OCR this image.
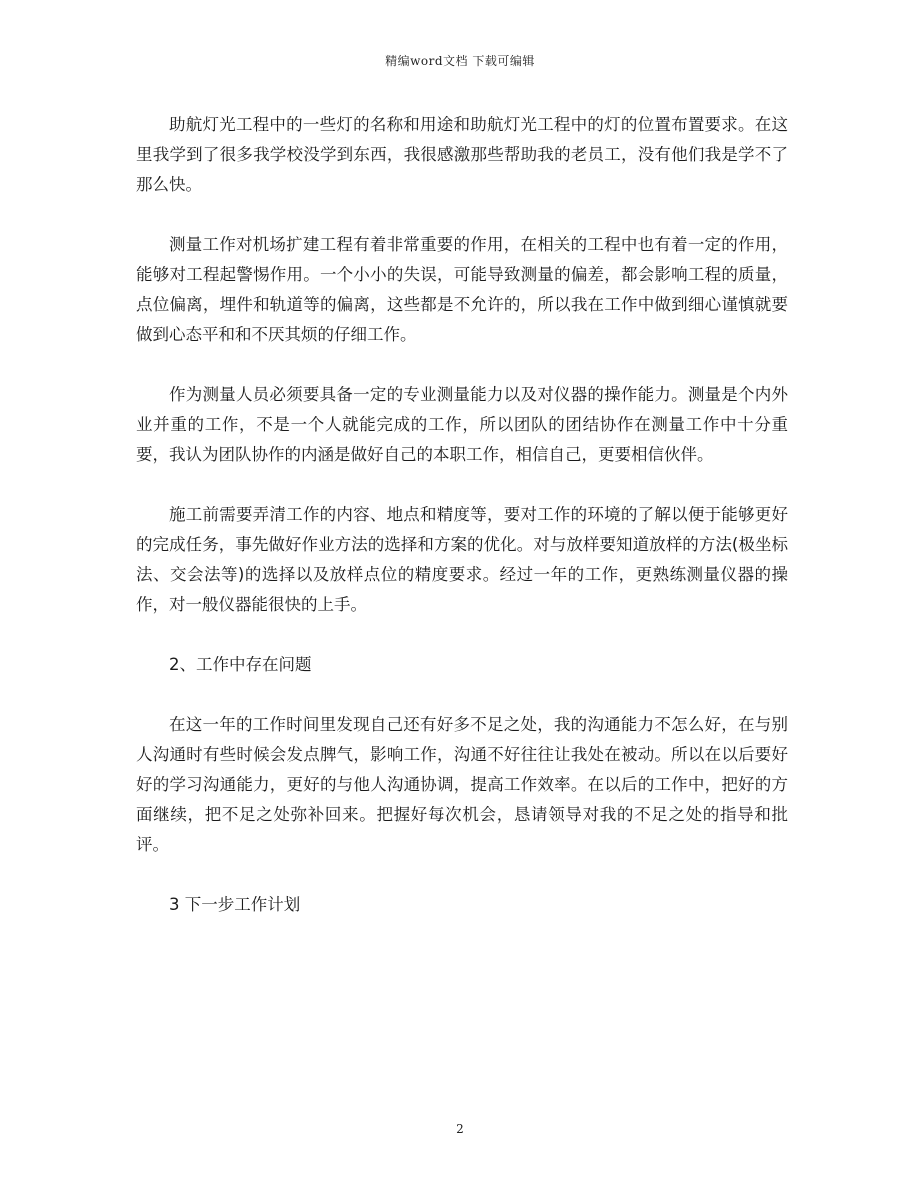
精编word文档 下载可编辑

助航灯光工程中的一些灯的名称和用途和助航灯光工程中的灯的位置布置要求。在这里我学到了很多我学校没学到东西，我很感激那些帮助我的老员工，没有他们我是学不了那么快。

测量工作对机场扩建工程有着非常重要的作用，在相关的工程中也有着一定的作用，能够对工程起警惕作用。一个小小的失误，可能导致测量的偏差，都会影响工程的质量，点位偏离，埋件和轨道等的偏离，这些都是不允许的，所以我在工作中做到细心谨慎就要做到心态平和和不厌其烦的仔细工作。

作为测量人员必须要具备一定的专业测量能力以及对仪器的操作能力。测量是个内外业并重的工作，不是一个人就能完成的工作，所以团队的团结协作在测量工作中十分重要，我认为团队协作的内涵是做好自己的本职工作，相信自己，更要相信伙伴。

施工前需要弄清工作的内容、地点和精度等，要对工作的环境的了解以便于能够更好的完成任务，事先做好作业方法的选择和方案的优化。对与放样要知道放样的方法(极坐标法、交会法等)的选择以及放样点位的精度要求。经过一年的工作，更熟练测量仪器的操作，对一般仪器能很快的上手。

2、工作中存在问题

在这一年的工作时间里发现自己还有好多不足之处，我的沟通能力不怎么好，在与别人沟通时有些时候会发点脾气，影响工作，沟通不好往往让我处在被动。所以在以后要好好的学习沟通能力，更好的与他人沟通协调，提高工作效率。在以后的工作中，把好的方面继续，把不足之处弥补回来。把握好每次机会，恳请领导对我的不足之处的指导和批评。

3 下一步工作计划

2
